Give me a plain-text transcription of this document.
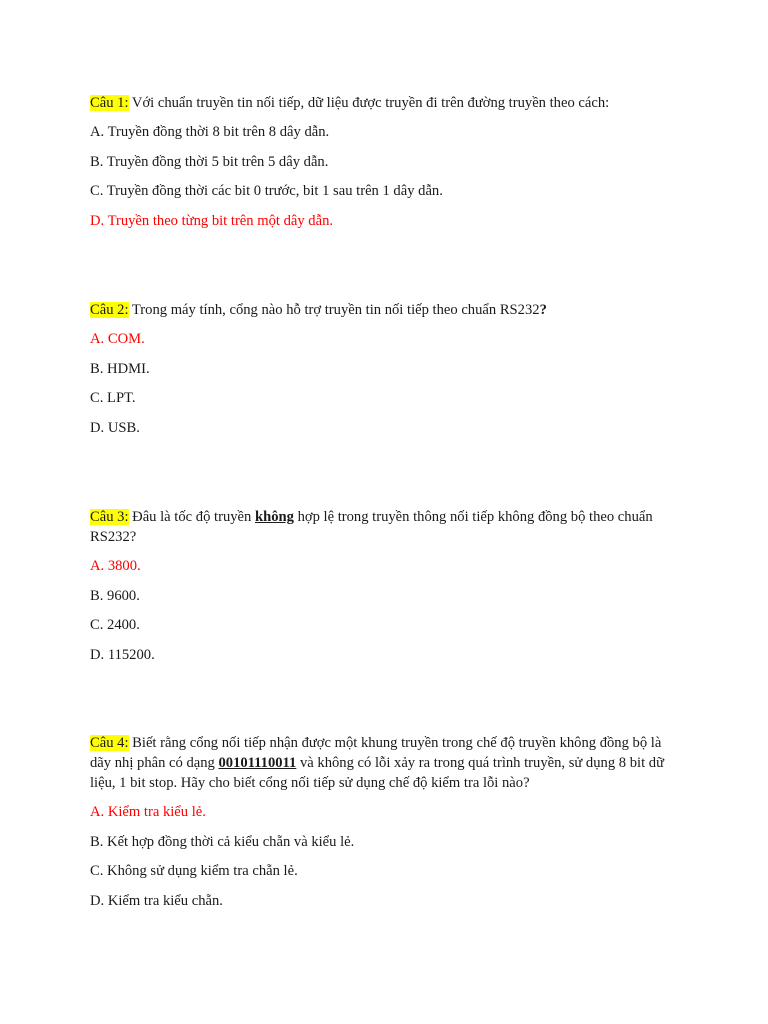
Câu 1: Với chuẩn truyền tin nối tiếp, dữ liệu được truyền đi trên đường truyền theo cách:

A. Truyền đồng thời 8 bit trên 8 dây dẫn.

B. Truyền đồng thời 5 bit trên 5 dây dẫn.

C. Truyền đồng thời các bit 0 trước, bit 1 sau trên 1 dây dẫn.

D. Truyền theo từng bit trên một dây dẫn.

Câu 2: Trong máy tính, cổng nào hỗ trợ truyền tin nối tiếp theo chuẩn RS232?

A. COM.

B. HDMI.

C. LPT.

D. USB.

Câu 3: Đâu là tốc độ truyền không hợp lệ trong truyền thông nối tiếp không đồng bộ theo chuẩn RS232?

A. 3800.

B. 9600.

C. 2400.

D. 115200.

Câu 4: Biết rằng cổng nối tiếp nhận được một khung truyền trong chế độ truyền không đồng bộ là dãy nhị phân có dạng 00101110011 và không có lỗi xảy ra trong quá trình truyền, sử dụng 8 bit dữ liệu, 1 bit stop. Hãy cho biết cổng nối tiếp sử dụng chế độ kiểm tra lỗi nào?

A. Kiểm tra kiểu lẻ.

B. Kết hợp đồng thời cả kiểu chẵn và kiểu lẻ.

C. Không sử dụng kiểm tra chẵn lẻ.

D. Kiểm tra kiểu chẵn.
